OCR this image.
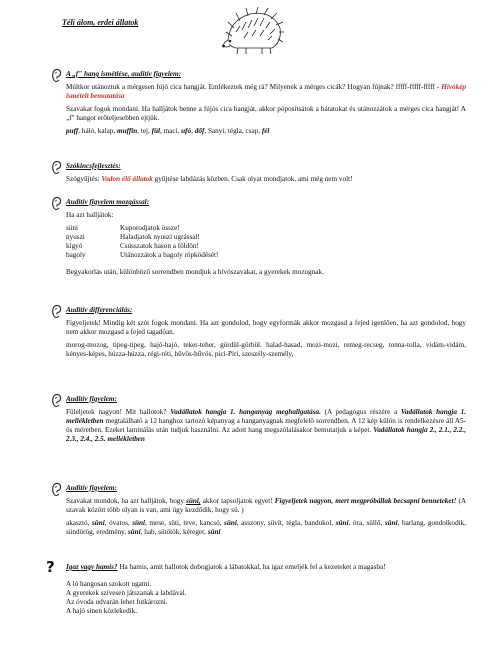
Téli álom, erdei állatok
A „f" hang ismétlése, auditív figyelem:

Múltkor utánoztuk a mérgesen fújó cica hangját. Emlékeztek még rá? Milyenek a mérges cicák? Hogyan fújnak? fffff-fffff-fffff - Hívókép ismételt bemutatása

Szavakat fogok mondani. Ha halljátok benne a fújós cica hangját, akkor pöposítsátok a hátatokat és utánozzátok a mérges cica hangját! A „f" hangot erőteljesebben ejtjük.

puff, háló, kalap, muffin, tej, fül, maci, ufó, dőf, Sanyi, tégla, csap, fél

Szókincsfejlesztés:

Szógyűjtés: Vadon élő állatok gyűjtése labdázás közben. Csak olyat mondjatok, ami még nem volt!

Auditív figyelem mozgással:

Ha azt halljátok:

süni	Kuporodjatok össze!
nyuszi	Haladjatok nyuszi ugrással!
kígyó	Csússzatok hason a földön!
bagoly	Utánozzátok a bagoly röpködését!

Begyakorlás után, különböző sorrendben mondjuk a hívószavakat, a gyerekek mozognak.

Auditív differenciálás:

Figyeljetek! Mindig két szót fogok mondani. Ha azt gondolod, hogy egyformák akkor mozgasd a fejed igenlően, ha azt gondolod, hogy nem akkor mozgasd a fejed tagadóan.

morog-mozog, tipeg-tipeg, hajó-hajó, teker-teher, gördül-görbül. halad-hasad, mozi-mozi, remeg-recseg, tonna-tolla, vidám-vidám, kényes-képes, húzza-húzza, régi-réti, hűvös-hűvös, pici-Piri, szeszély-személy,

Auditív figyelem:

Füleljetek nagyon! Mit hallotok? Vadállatok hangja 1. hanganyag meghallgatása. (A pedagógus részére a Vadállatok hangja 1. mellékletben megtalálható a 12 hanghoz tartozó képanyag a hanganyagnak megfelelő sorrendben. A 12 kép külön is rendelkezésre áll A5-ös méretben. Ezeket laminálás után tudjuk használni. Az adott hang megszólalásakor bemutatjuk a képet. Vadállatok hangja 2., 2.1., 2.2., 2.3., 2.4., 2.5. mellékletben

Auditív figyelem:

Szavakat mondok, ha azt halljátok, hogy süni, akkor tapsoljatok egyet! Figyeljetek nagyon, mert megpróbállak becsapni benneteket! (A szavak között több olyan is van, ami úgy kezdődik, hogy sü. )

akasztó, süni, óvatos, süni, mese, süti, teve, kancsó, süni, asszony, süvít, tégla, bandukol, süni, óra, süllő, süni, barlang, gondolkodik, sündörög, eredmény, süni, hab, sütőtök, kéreget, süni

? Igaz vagy hamis? Ha hamis, amit hallotok dobogjatok a lábatokkal, ha igaz emeljék fel a kezeteket a magasba!

A ló hangosan szokott ugatni.
A gyerekek szívesen játszanak a labdával.
Az óvoda udvarán lehet futkározni.
A hajó sínen közlekedik.
